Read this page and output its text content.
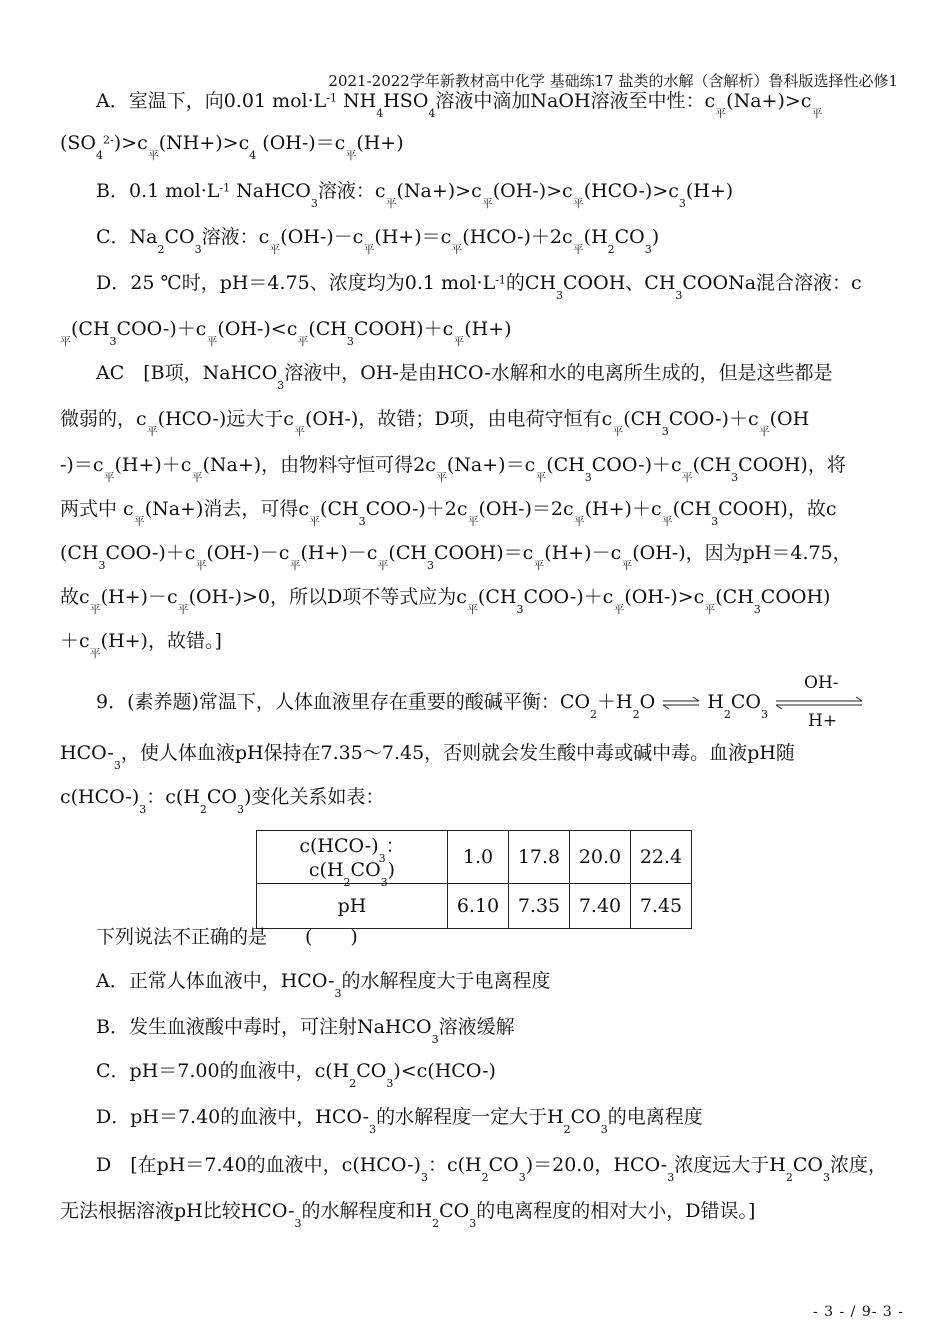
2021-2022学年新教材高中化学 基础练17 盐类的水解（含解析）鲁科版选择性必修1
A．室温下，向0.01 $mol\cdot L^{-1}$ $NH_4HSO_4$溶液中滴加NaOH溶液至中性：$c_平(Na+)>c_平$
$(SO_4^{2-})>c_平(NH+)>c_4$ $(OH-)=c_平(H+)$
B．0.1 $mol\cdot L^{-1}$ NaHCO$_3$溶液：$c_平(Na+)>c_平(OH-)>c_平(HCO-)>c_3(H+)$
C．$Na_2CO_3$溶液：$c_平(OH-)-c_平(H+)=c_平(HCO-)+2c_平(H_2CO_3)$
D．25 ℃时，pH＝4.75、浓度均为0.1 $mol\cdot L^{-1}$的$CH_3COOH$、$CH_3COONa$混合溶液：c
$_平(CH_3COO-)+c_平(OH-)<c_平(CH_3COOH)+c_平(H+)$
AC　[B项，NaHCO$_3$溶液中，OH-是由HCO-水解和水的电离所生成的，但是这些都是
微弱的，$c_平(HCO-)$远大于$c_平(OH-)$，故错；D项，由电荷守恒有$c_平(CH_3COO-)+c_平(OH$
$-)=c_平(H+)+c_平(Na+)$，由物料守恒可得$2c_平(Na+)=c_平(CH_3COO-)+c_平(CH_3COOH)$，将
两式中 $c_平(Na+)$消去，可得$c_平(CH_3COO-)+2c_平(OH-)=2c_平(H+)+c_平(CH_3COOH)$，故c
$(CH_3COO-)+c_平(OH-)-c_平(H+)-c_平(CH_3COOH)=c_平(H+)-c_平(OH-)$，因为pH＝4.75，
故$c_平(H+)-c_平(OH-)>0$，所以D项不等式应为$c_平(CH_3COO-)+c_平(OH-)>c_平(CH_3COOH)$
$+c_平(H+)$，故错。]
9．(素养题)常温下，人体血液里存在重要的酸碱平衡：$CO_2+H_2O$ ⇌ $H_2CO_3$
OH-
H+
HCO-$_3$，使人体血液pH保持在7.35～7.45，否则就会发生酸中毒或碱中毒。血液pH随
$c(HCO-)_3$：$c(H_2CO_3)$变化关系如表：
$c(HCO-)_3$：$c(H_2CO_3)$	1.0	17.8	20.0	22.4
pH	6.10	7.35	7.40	7.45
下列说法不正确的是　　(　　)
A．正常人体血液中，HCO-$_3$的水解程度大于电离程度
B．发生血液酸中毒时，可注射NaHCO$_3$溶液缓解
C．pH＝7.00的血液中，$c(H_2CO_3)<c(HCO-)$
D．pH＝7.40的血液中，HCO-$_3$的水解程度一定大于$H_2CO_3$的电离程度
D　[在pH＝7.40的血液中，$c(HCO-)_3$：$c(H_2CO_3)=20.0$，HCO-$_3$浓度远大于$H_2CO_3$浓度，
无法根据溶液pH比较HCO-$_3$的水解程度和$H_2CO_3$的电离程度的相对大小，D错误。]
- 3 - / 9- 3 -
